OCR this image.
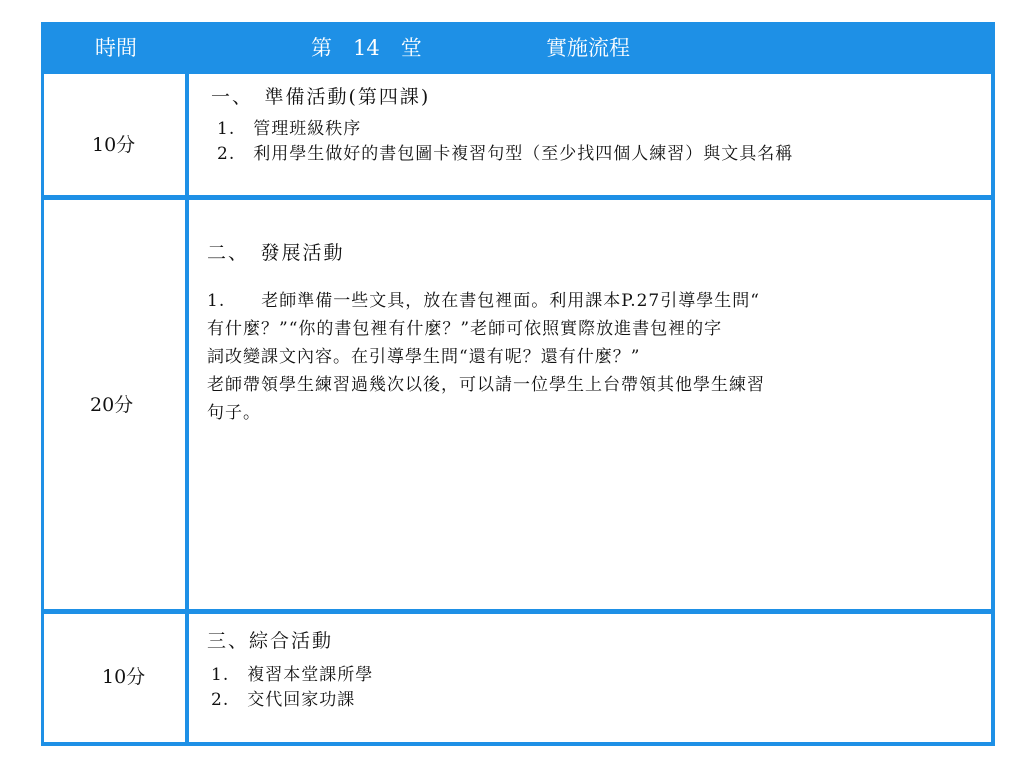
時間	第　14　堂	實施流程
10分
一、　準備活動(第四課)
1.　管理班級秩序
2.　利用學生做好的書包圖卡複習句型（至少找四個人練習）與文具名稱
20分
二、　發展活動
1.　　老師準備一些文具，放在書包裡面。利用課本P.27引導學生問“
有什麼？”“你的書包裡有什麼？”老師可依照實際放進書包裡的字
詞改變課文內容。在引導學生問“還有呢？還有什麼？”
老師帶領學生練習過幾次以後，可以請一位學生上台帶領其他學生練習
句子。
10分
三、綜合活動
1.　複習本堂課所學
2.　交代回家功課
